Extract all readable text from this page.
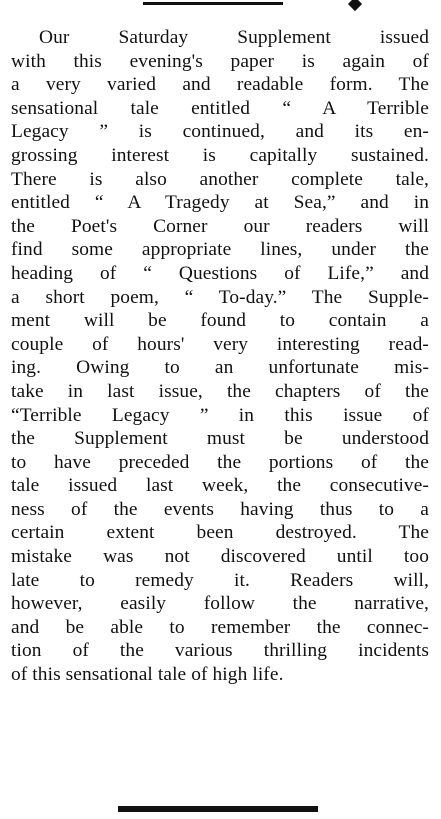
Our Saturday Supplement issued
with this evening's paper is again of
a very varied and readable form. The
sensational tale entitled “ A Terrible
Legacy ” is continued, and its en-
grossing interest is capitally sustained.
There is also another complete tale,
entitled “ A Tragedy at Sea,” and in
the Poet's Corner our readers will
find some appropriate lines, under the
heading of “ Questions of Life,” and
a short poem, “ To-day.” The Supple-
ment will be found to contain a
couple of hours' very interesting read-
ing. Owing to an unfortunate mis-
take in last issue, the chapters of the
“Terrible Legacy ” in this issue of
the Supplement must be understood
to have preceded the portions of the
tale issued last week, the consecutive-
ness of the events having thus to a
certain extent been destroyed. The
mistake was not discovered until too
late to remedy it. Readers will,
however, easily follow the narrative,
and be able to remember the connec-
tion of the various thrilling incidents
of this sensational tale of high life.
